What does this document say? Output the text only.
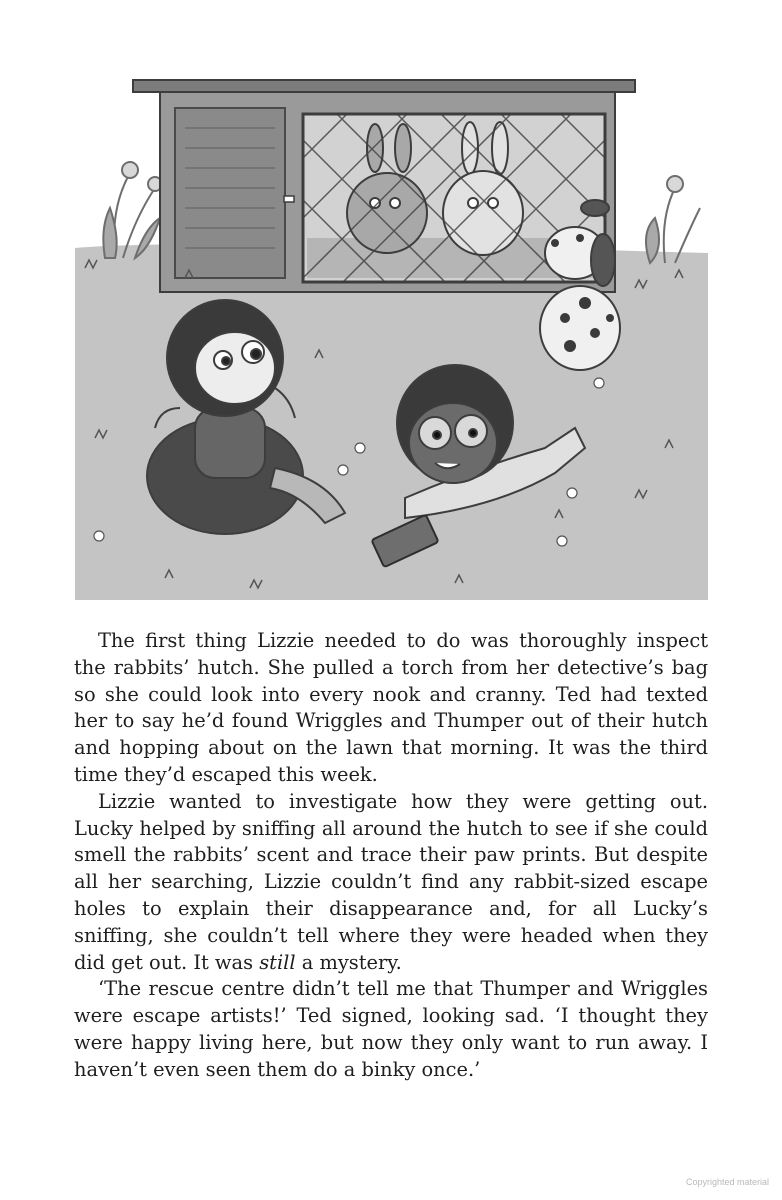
The first thing Lizzie needed to do was thoroughly inspect the rabbits’ hutch. She pulled a torch from her detective’s bag so she could look into every nook and cranny. Ted had texted her to say he’d found Wriggles and Thumper out of their hutch and hopping about on the lawn that morning. It was the third time they’d escaped this week.

Lizzie wanted to investigate how they were getting out. Lucky helped by sniffing all around the hutch to see if she could smell the rabbits’ scent and trace their paw prints. But despite all her searching, Lizzie couldn’t find any rabbit-sized escape holes to explain their disappearance and, for all Lucky’s sniffing, she couldn’t tell where they were headed when they did get out. It was still a mystery.

‘The rescue centre didn’t tell me that Thumper and Wriggles were escape artists!’ Ted signed, looking sad. ‘I thought they were happy living here, but now they only want to run away. I haven’t even seen them do a binky once.’

Copyrighted material
